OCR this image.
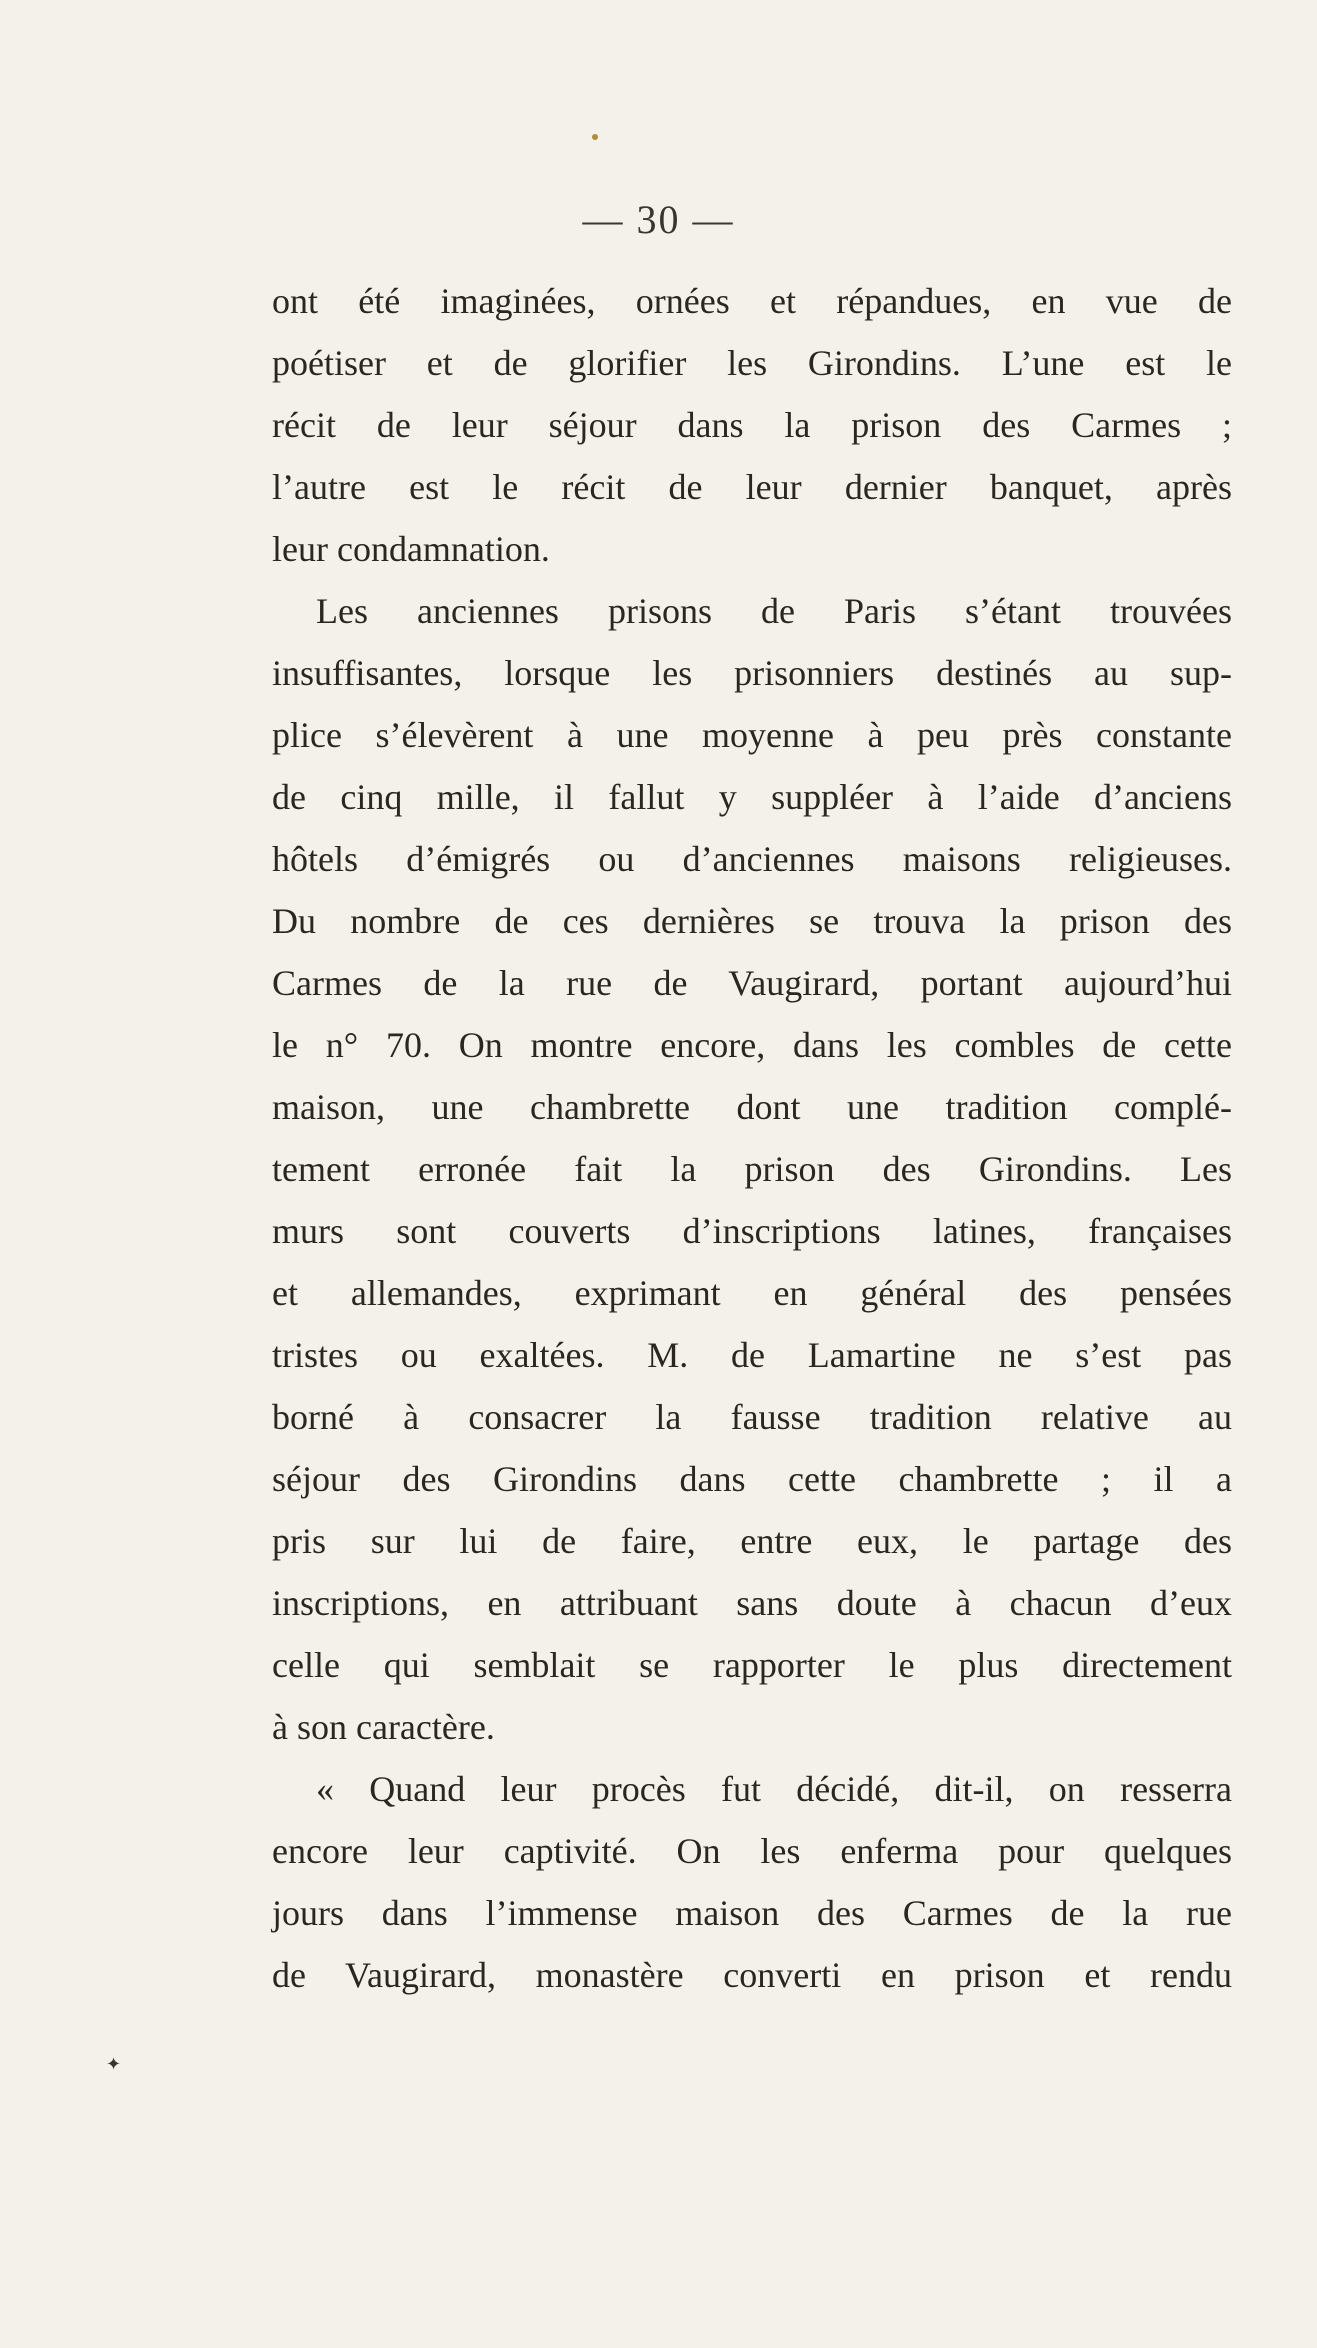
— 30 —
ont été imaginées, ornées et répandues, en vue de
poétiser et de glorifier les Girondins. L’une est le
récit de leur séjour dans la prison des Carmes ;
l’autre est le récit de leur dernier banquet, après
leur condamnation.
Les anciennes prisons de Paris s’étant trouvées
insuffisantes, lorsque les prisonniers destinés au sup-
plice s’élevèrent à une moyenne à peu près constante
de cinq mille, il fallut y suppléer à l’aide d’anciens
hôtels d’émigrés ou d’anciennes maisons religieuses.
Du nombre de ces dernières se trouva la prison des
Carmes de la rue de Vaugirard, portant aujourd’hui
le n° 70. On montre encore, dans les combles de cette
maison, une chambrette dont une tradition complé-
tement erronée fait la prison des Girondins. Les
murs sont couverts d’inscriptions latines, françaises
et allemandes, exprimant en général des pensées
tristes ou exaltées. M. de Lamartine ne s’est pas
borné à consacrer la fausse tradition relative au
séjour des Girondins dans cette chambrette ; il a
pris sur lui de faire, entre eux, le partage des
inscriptions, en attribuant sans doute à chacun d’eux
celle qui semblait se rapporter le plus directement
à son caractère.
« Quand leur procès fut décidé, dit-il, on resserra
encore leur captivité. On les enferma pour quelques
jours dans l’immense maison des Carmes de la rue
de Vaugirard, monastère converti en prison et rendu
✦
